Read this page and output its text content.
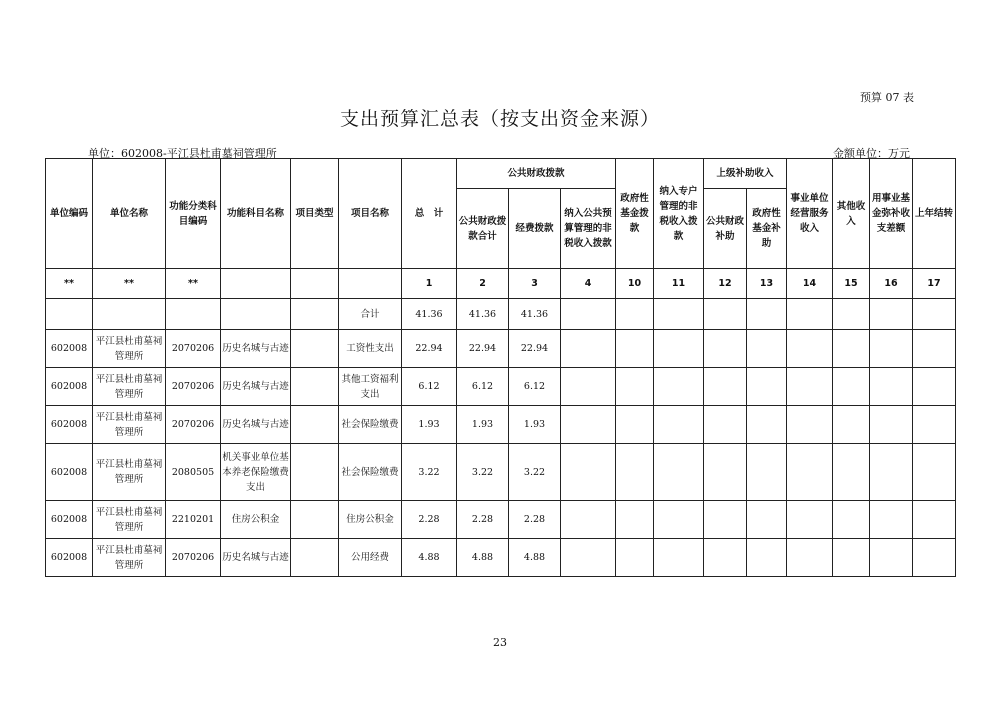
预算 07 表
支出预算汇总表（按支出资金来源）
单位：602008-平江县杜甫墓祠管理所	金额单位：万元
单位编码	单位名称	功能分类科目编码	功能科目名称	项目类型	项目名称	总　计	公共财政拨款			政府性基金拨款	纳入专户管理的非税收入拨款	上级补助收入		事业单位经营服务收入	其他收入	用事业基金弥补收支差额	上年结转
							公共财政拨款合计	经费拨款	纳入公共预算管理的非税收入拨款			公共财政补助	政府性基金补助				
**	**	**				1	2	3	4	10	11	12	13	14	15	16	17
					合计	41.36	41.36	41.36									
602008	平江县杜甫墓祠管理所	2070206	历史名城与古迹		工资性支出	22.94	22.94	22.94									
602008	平江县杜甫墓祠管理所	2070206	历史名城与古迹		其他工资福利支出	6.12	6.12	6.12									
602008	平江县杜甫墓祠管理所	2070206	历史名城与古迹		社会保险缴费	1.93	1.93	1.93									
602008	平江县杜甫墓祠管理所	2080505	机关事业单位基本养老保险缴费支出		社会保险缴费	3.22	3.22	3.22									
602008	平江县杜甫墓祠管理所	2210201	住房公积金		住房公积金	2.28	2.28	2.28									
602008	平江县杜甫墓祠管理所	2070206	历史名城与古迹		公用经费	4.88	4.88	4.88									
23
